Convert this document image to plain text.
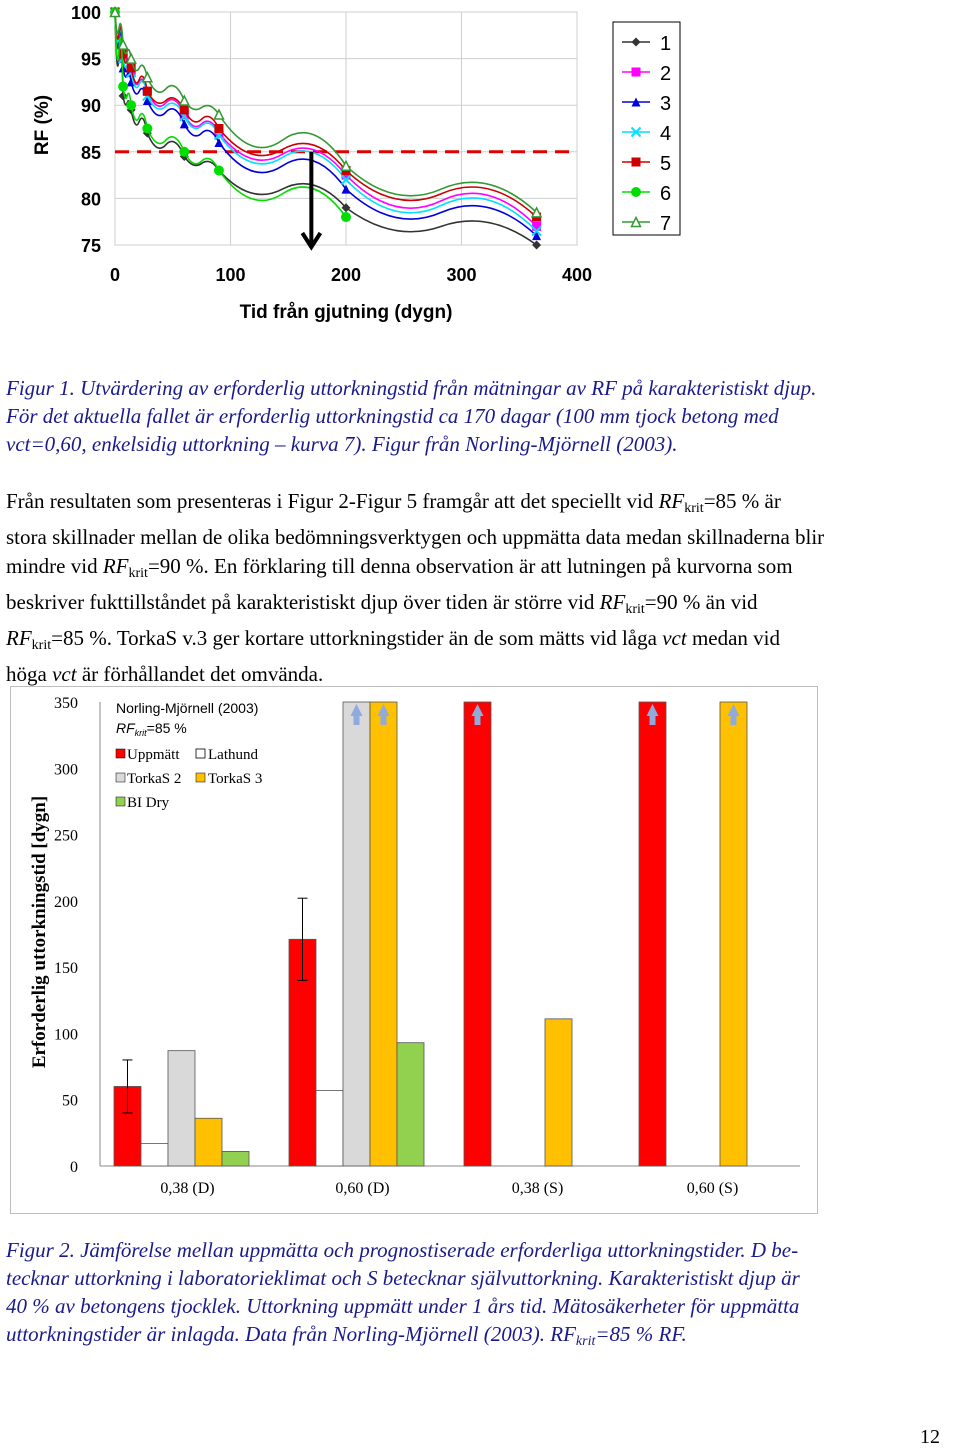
100
95
90
85
80
75
0	100	200	300	400
Tid från gjutning (dygn)
RF (%)
1
2
3
4
5
6
7
Figur 1. Utvärdering av erforderlig uttorkningstid från mätningar av RF på karakteristiskt djup.
För det aktuella fallet är erforderlig uttorkningstid ca 170 dagar (100 mm tjock betong med
vct=0,60, enkelsidig uttorkning – kurva 7). Figur från Norling-Mjörnell (2003).
Från resultaten som presenteras i Figur 2-Figur 5 framgår att det speciellt vid $RF_{krit}=85$ % är
stora skillnader mellan de olika bedömningsverktygen och uppmätta data medan skillnaderna blir
mindre vid $RF_{krit}=90$ %. En förklaring till denna observation är att lutningen på kurvorna som
beskriver fukttillståndet på karakteristiskt djup över tiden är större vid $RF_{krit}=90$ % än vid
$RF_{krit}=85$ %. TorkaS v.3 ger kortare uttorkningstider än de som mätts vid låga vct medan vid
höga vct är förhållandet det omvända.
0
50
100
150
200
250
300
350
0,38 (D)	0,60 (D)	0,38 (S)	0,60 (S)
Erforderlig uttorkningstid [dygn]
Norling-Mjörnell (2003)
$RF_{krit}=85$ %
Uppmätt Lathund
TorkaS 2 TorkaS 3
BI Dry
Figur 2. Jämförelse mellan uppmätta och prognostiserade erforderliga uttorkningstider. D be-
tecknar uttorkning i laboratorieklimat och S betecknar självuttorkning. Karakteristiskt djup är
40 % av betongens tjocklek. Uttorkning uppmätt under 1 års tid. Mätosäkerheter för uppmätta
uttorkningstider är inlagda. Data från Norling-Mjörnell (2003). $RF_{krit}=85$ % RF.
12
